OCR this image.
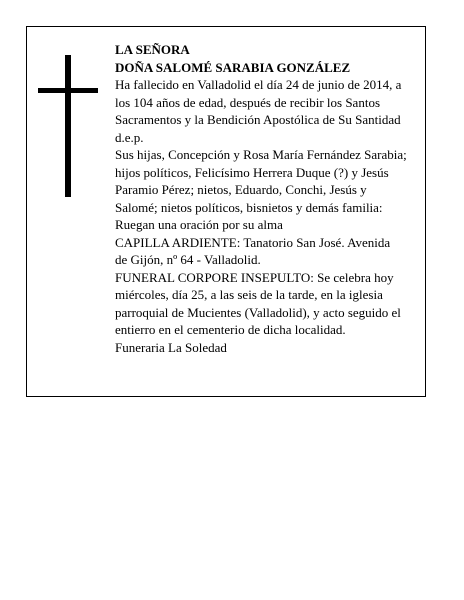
LA SEÑORA
DOÑA SALOMÉ SARABIA GONZÁLEZ
Ha fallecido en Valladolid el día 24 de junio de 2014, a
los 104 años de edad, después de recibir los Santos
Sacramentos y la Bendición Apostólica de Su Santidad
d.e.p.
Sus hijas, Concepción y Rosa María Fernández Sarabia;
hijos políticos, Felicísimo Herrera Duque (?) y Jesús
Paramio Pérez; nietos, Eduardo, Conchi, Jesús y
Salomé; nietos políticos, bisnietos y demás familia:
Ruegan una oración por su alma
CAPILLA ARDIENTE: Tanatorio San José. Avenida
de Gijón, nº 64 - Valladolid.
FUNERAL CORPORE INSEPULTO: Se celebra hoy
miércoles, día 25, a las seis de la tarde, en la iglesia
parroquial de Mucientes (Valladolid), y acto seguido el
entierro en el cementerio de dicha localidad.
Funeraria La Soledad
